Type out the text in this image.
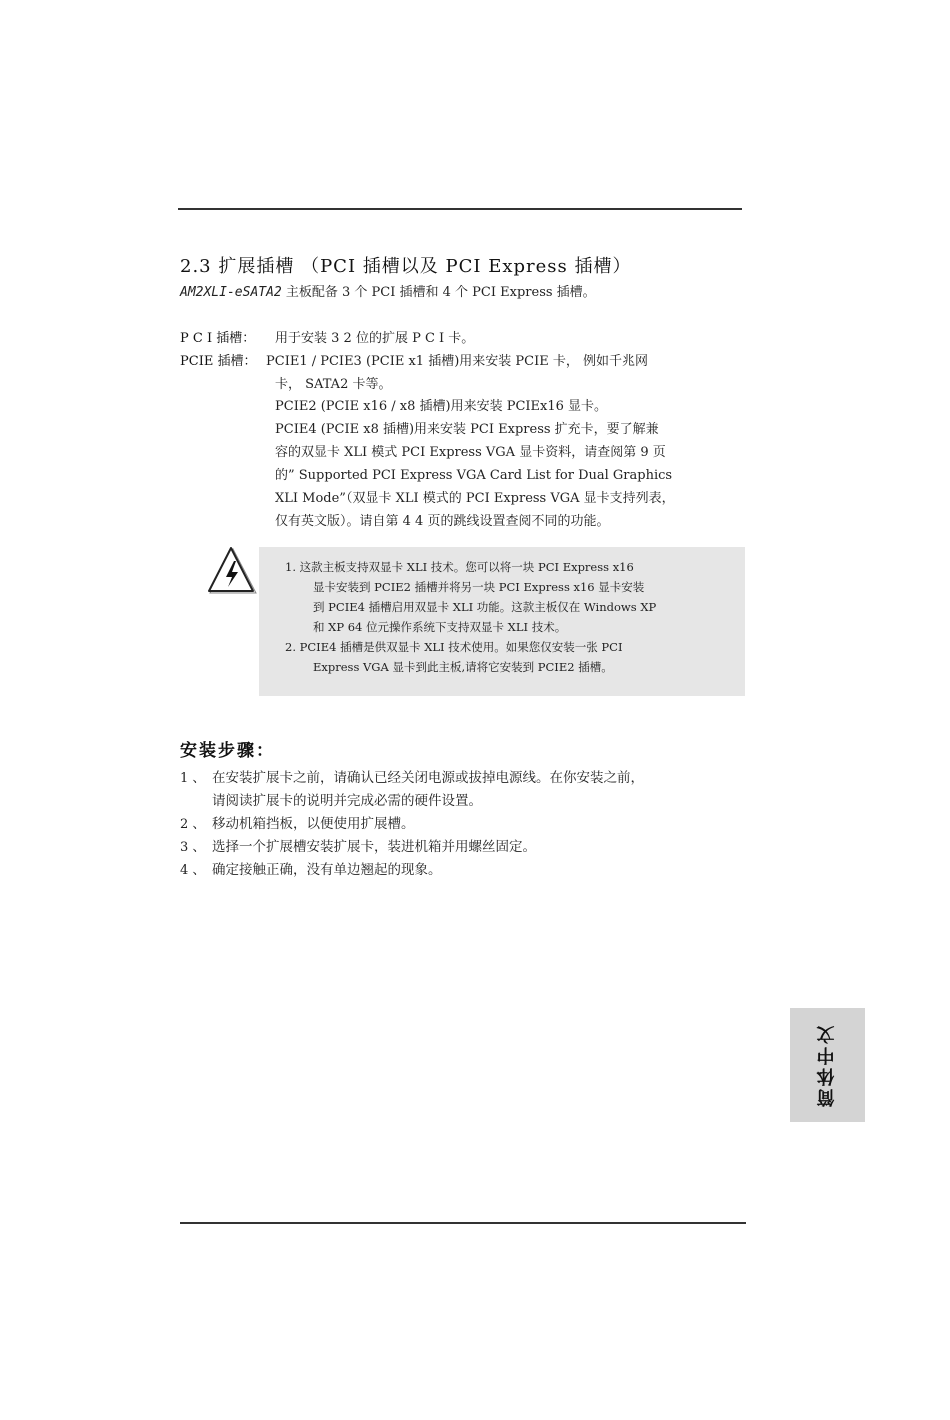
2.3 扩展插槽 （PCI 插槽以及 PCI Express 插槽）
AM2XLI-eSATA2 主板配备 3 个 PCI 插槽和 4 个 PCI Express 插槽。
P C I 插槽： 用于安装 3 2 位的扩展 P C I 卡。
PCIE 插槽： PCIE1 / PCIE3 (PCIE x1 插槽)用来安装 PCIE 卡， 例如千兆网
卡， SATA2 卡等。
PCIE2 (PCIE x16 / x8 插槽)用来安装 PCIEx16 显卡。
PCIE4 (PCIE x8 插槽)用来安装 PCI Express 扩充卡，要了解兼
容的双显卡 XLI 模式 PCI Express VGA 显卡资料，请查阅第 9 页
的” Supported PCI Express VGA Card List for Dual Graphics
XLI Mode”（双显卡 XLI 模式的 PCI Express VGA 显卡支持列表，
仅有英文版）。请自第 4 4 页的跳线设置查阅不同的功能。
1. 这款主板支持双显卡 XLI 技术。您可以将一块 PCI Express x16
显卡安装到 PCIE2 插槽并将另一块 PCI Express x16 显卡安装
到 PCIE4 插槽启用双显卡 XLI 功能。这款主板仅在 Windows XP
和 XP 64 位元操作系统下支持双显卡 XLI 技术。
2. PCIE4 插槽是供双显卡 XLI 技术使用。如果您仅安装一张 PCI
Express VGA 显卡到此主板,请将它安装到 PCIE2 插槽。
安装步骤：
1 、 在安装扩展卡之前，请确认已经关闭电源或拔掉电源线。在你安装之前，
请阅读扩展卡的说明并完成必需的硬件设置。
2 、 移动机箱挡板，以便使用扩展槽。
3 、 选择一个扩展槽安装扩展卡，装进机箱并用螺丝固定。
4 、 确定接触正确，没有单边翘起的现象。
简体中文
